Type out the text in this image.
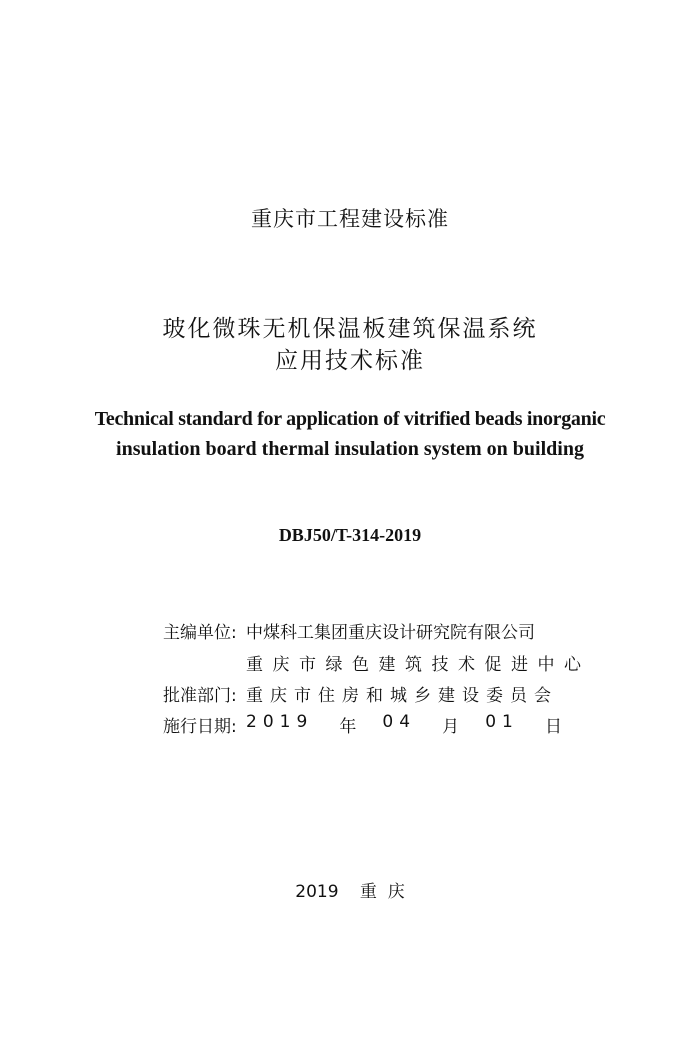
重庆市工程建设标准
玻化微珠无机保温板建筑保温系统
应用技术标准
Technical standard for application of vitrified beads inorganic
insulation board thermal insulation system on building
DBJ50/T-314-2019
主编单位: 中煤科工集团重庆设计研究院有限公司
重庆市绿色建筑技术促进中心
批准部门: 重庆市住房和城乡建设委员会
施行日期: 2019 年 04 月 01 日
2019 重  庆
